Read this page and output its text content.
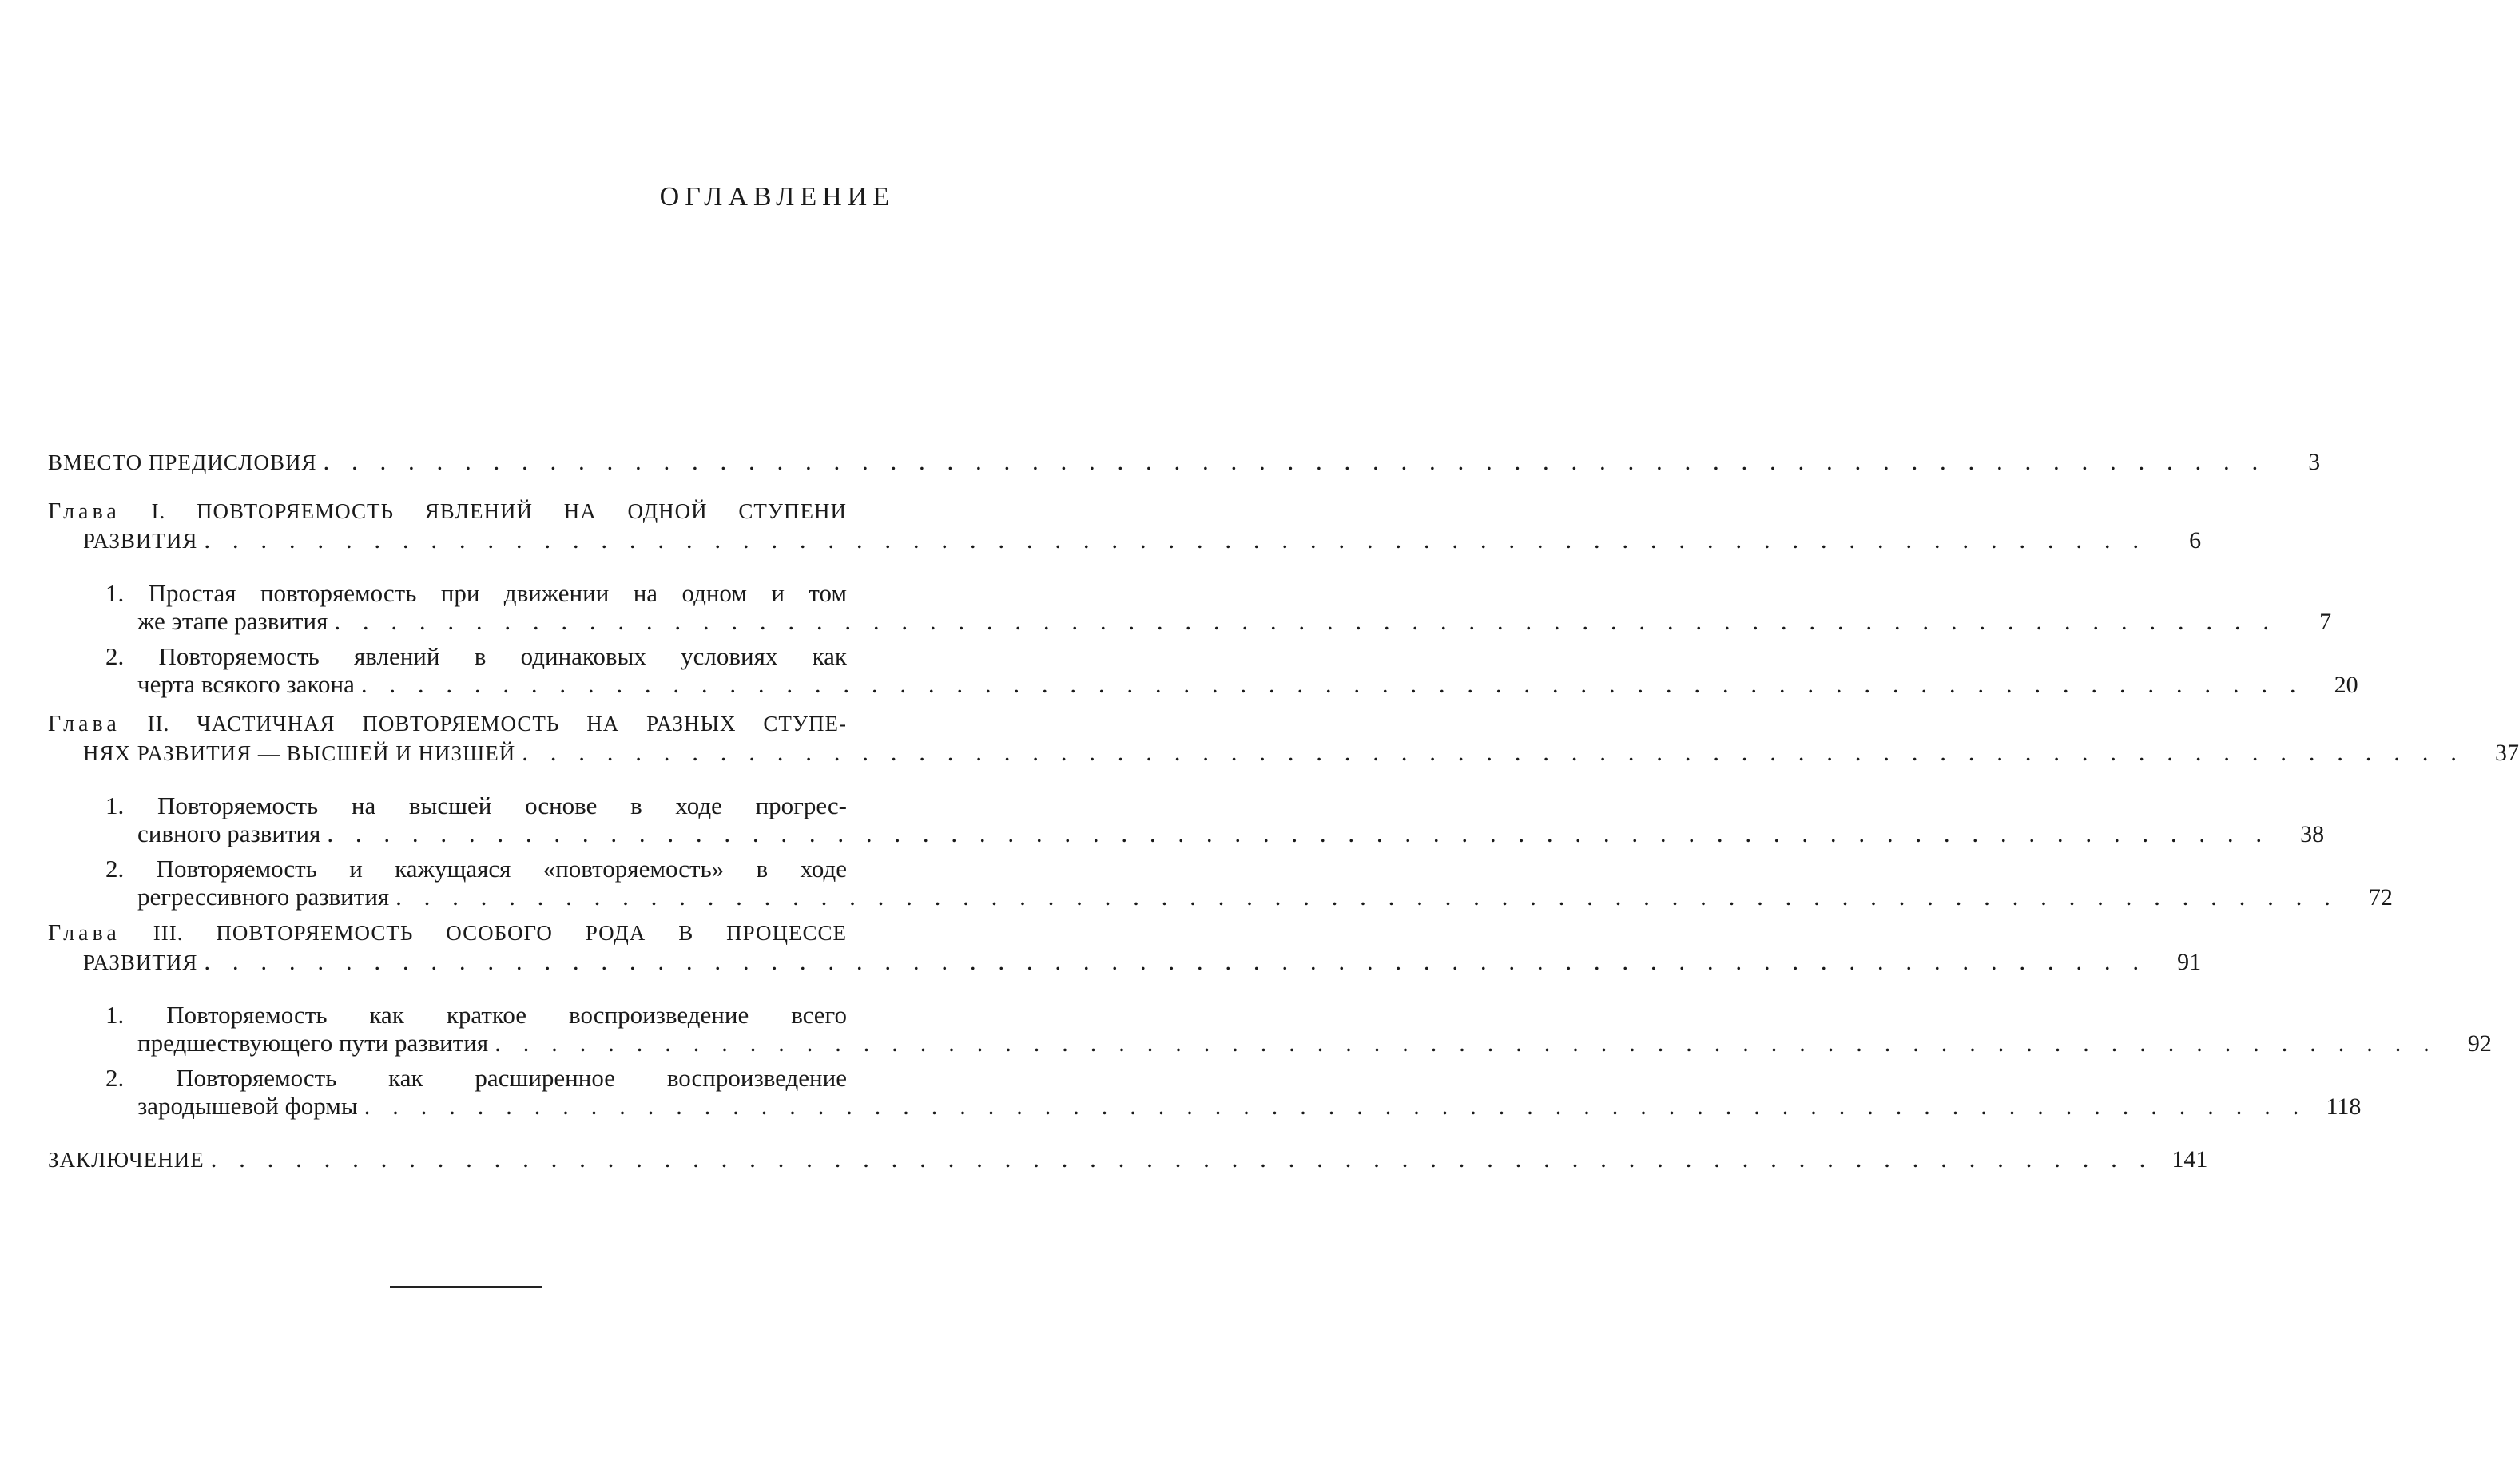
ОГЛАВЛЕНИЕ
ВМЕСТО ПРЕДИСЛОВИЯ . . . . . . . . . . . . . . . . . . . . . . . . . . . . . . . . . . . . . . . . . . . . . . . . . . . . . . . . . . . . . . . . . . . . .	3
Глава I. ПОВТОРЯЕМОСТЬ ЯВЛЕНИЙ НА ОДНОЙ СТУПЕНИ
РАЗВИТИЯ . . . . . . . . . . . . . . . . . . . . . . . . . . . . . . . . . . . . . . . . . . . . . . . . . . . . . . . . . . . . . . . . . . . . .	6
1. Простая повторяемость при движении на одном и том
же этапе развития . . . . . . . . . . . . . . . . . . . . . . . . . . . . . . . . . . . . . . . . . . . . . . . . . . . . . . . . . . . . . . . . . . . . .	7
2. Повторяемость явлений в одинаковых условиях как
черта всякого закона . . . . . . . . . . . . . . . . . . . . . . . . . . . . . . . . . . . . . . . . . . . . . . . . . . . . . . . . . . . . . . . . . . . . .	20
Глава II. ЧАСТИЧНАЯ ПОВТОРЯЕМОСТЬ НА РАЗНЫХ СТУПЕ-
НЯХ РАЗВИТИЯ — ВЫСШЕЙ И НИЗШЕЙ . . . . . . . . . . . . . . . . . . . . . . . . . . . . . . . . . . . . . . . . . . . . . . . . . . . . . . . . . . . . . . . . . . . . .	37
1. Повторяемость на высшей основе в ходе прогрес-
сивного развития . . . . . . . . . . . . . . . . . . . . . . . . . . . . . . . . . . . . . . . . . . . . . . . . . . . . . . . . . . . . . . . . . . . . .	38
2. Повторяемость и кажущаяся «повторяемость» в ходе
регрессивного развития . . . . . . . . . . . . . . . . . . . . . . . . . . . . . . . . . . . . . . . . . . . . . . . . . . . . . . . . . . . . . . . . . . . . .	72
Глава III. ПОВТОРЯЕМОСТЬ ОСОБОГО РОДА В ПРОЦЕССЕ
РАЗВИТИЯ . . . . . . . . . . . . . . . . . . . . . . . . . . . . . . . . . . . . . . . . . . . . . . . . . . . . . . . . . . . . . . . . . . . . .	91
1. Повторяемость как краткое воспроизведение всего
предшествующего пути развития . . . . . . . . . . . . . . . . . . . . . . . . . . . . . . . . . . . . . . . . . . . . . . . . . . . . . . . . . . . . . . . . . . . . .	92
2. Повторяемость как расширенное воспроизведение
зародышевой формы . . . . . . . . . . . . . . . . . . . . . . . . . . . . . . . . . . . . . . . . . . . . . . . . . . . . . . . . . . . . . . . . . . . . . 118
ЗАКЛЮЧЕНИЕ . . . . . . . . . . . . . . . . . . . . . . . . . . . . . . . . . . . . . . . . . . . . . . . . . . . . . . . . . . . . . . . . . . . . . 141
